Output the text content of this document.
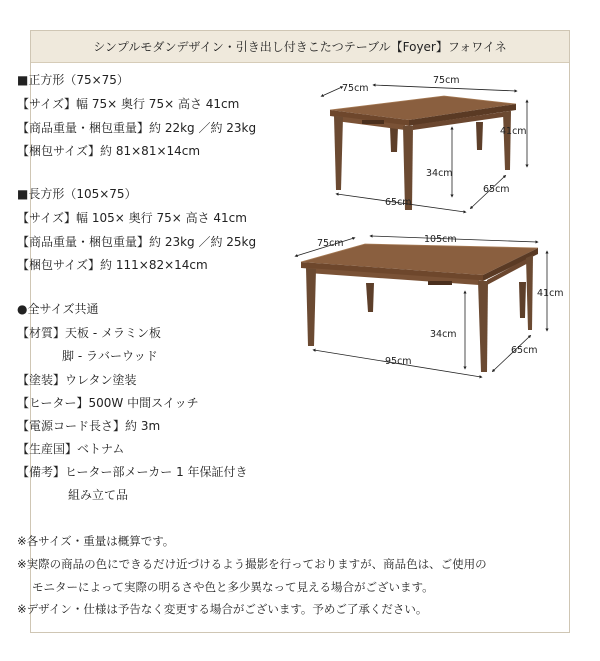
シンプルモダンデザイン・引き出し付きこたつテーブル【Foyer】フォワイネ
■正方形（75×75）
【サイズ】幅 75× 奥行 75× 高さ 41cm
【商品重量・梱包重量】約 22kg ／約 23kg
【梱包サイズ】約 81×81×14cm
■長方形（105×75）
【サイズ】幅 105× 奥行 75× 高さ 41cm
【商品重量・梱包重量】約 23kg ／約 25kg
【梱包サイズ】約 111×82×14cm
●全サイズ共通
【材質】天板 - メラミン板
脚 - ラバーウッド
【塗装】ウレタン塗装
【ヒーター】500W 中間スイッチ
【電源コード長さ】約 3m
【生産国】ベトナム
【備考】ヒーター部メーカー 1 年保証付き
組み立て品
※各サイズ・重量は概算です。
※実際の商品の色にできるだけ近づけるよう撮影を行っておりますが、商品色は、ご使用の
モニターによって実際の明るさや色と多少異なって見える場合がございます。
※デザイン・仕様は予告なく変更する場合がございます。予めご了承ください。
75cm
75cm
41cm
34cm
65cm
65cm
75cm	105cm
41cm
34cm
65cm
95cm
